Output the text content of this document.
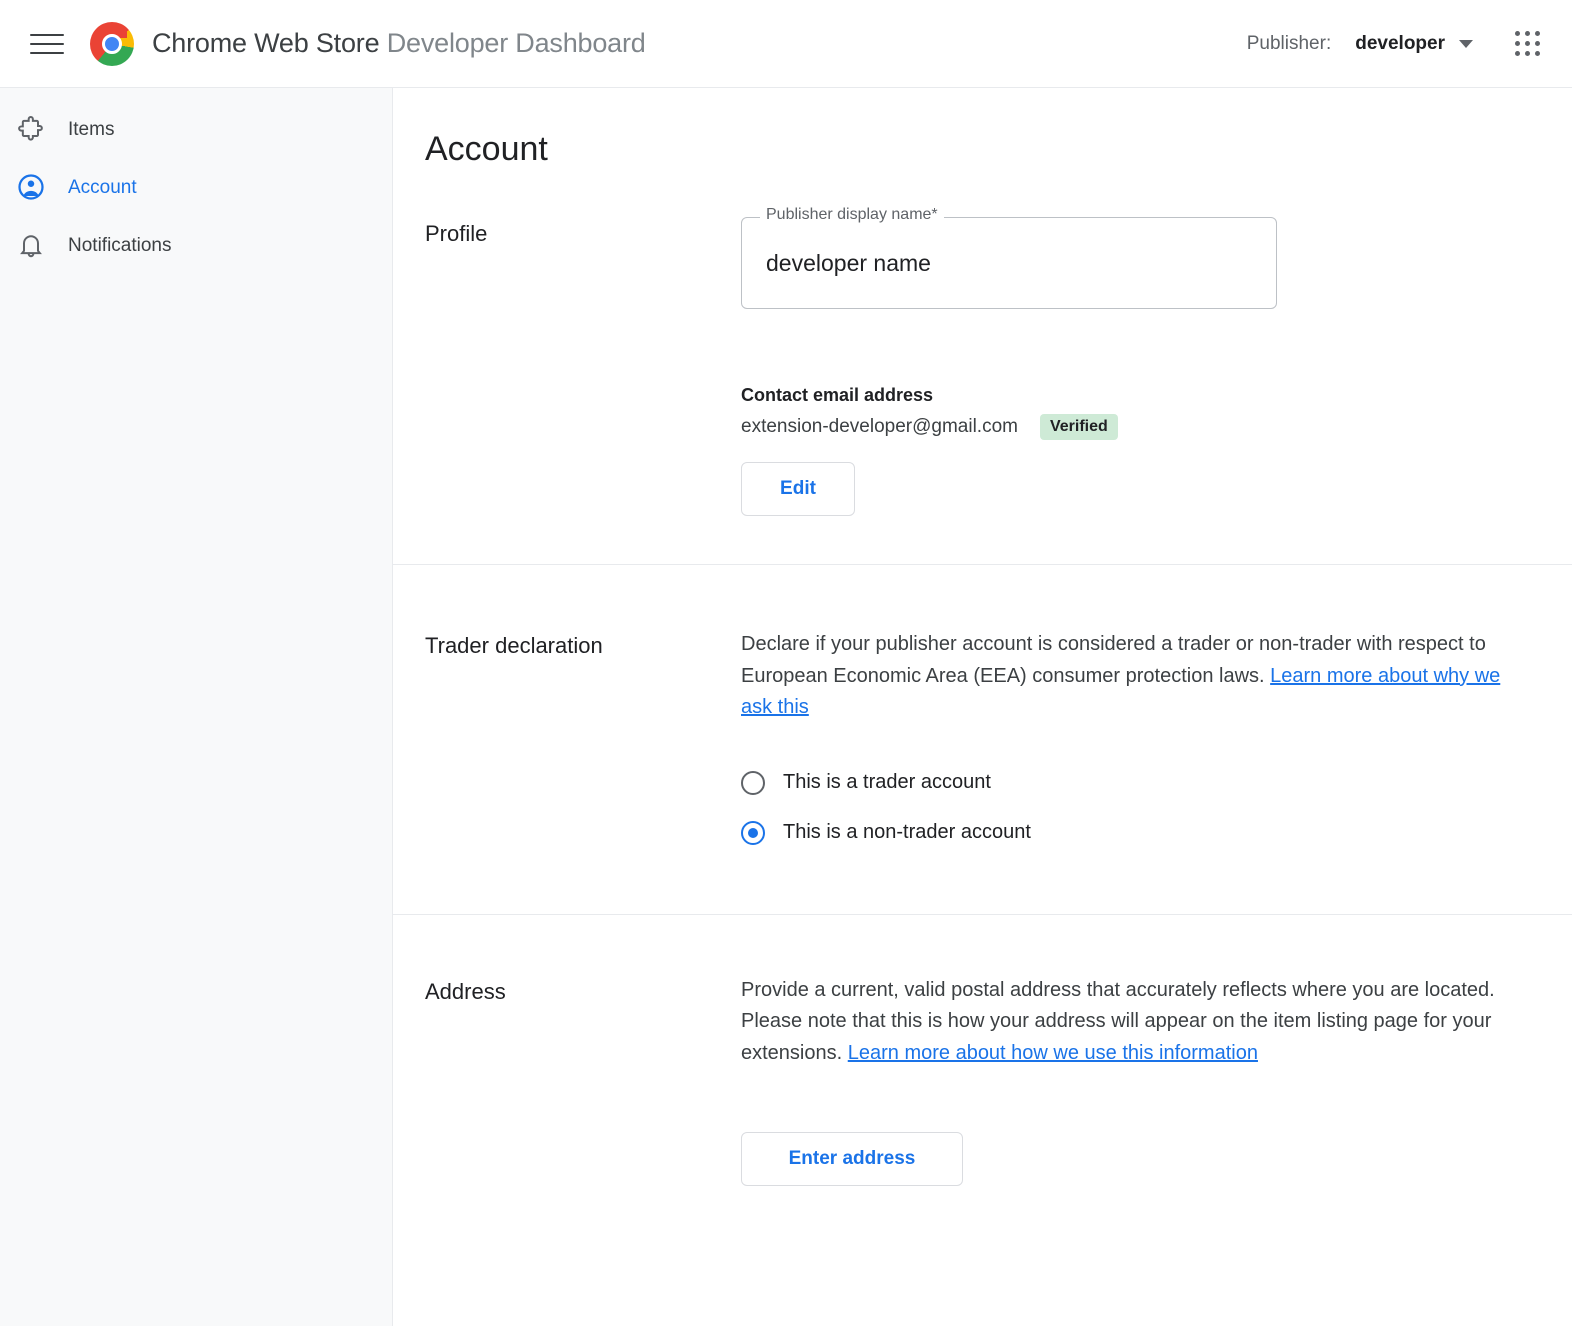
Chrome Web Store Developer Dashboard	Publisher: developer
Items
Account
Notifications
Account
Profile
Publisher display name*
developer name
Contact email address
extension-developer@gmail.com	Verified
Edit
Trader declaration	Declare if your publisher account is considered a trader or non-trader with respect to European Economic Area (EEA) consumer protection laws. Learn more about why we ask this

This is a trader account
This is a non-trader account
Address	Provide a current, valid postal address that accurately reflects where you are located. Please note that this is how your address will appear on the item listing page for your extensions. Learn more about how we use this information

Enter address
